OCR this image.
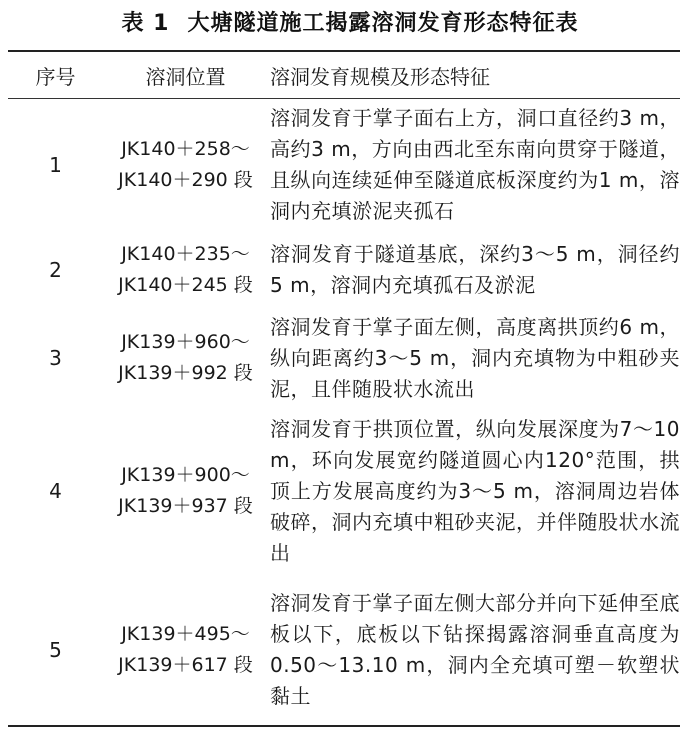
表 1 大塘隧道施工揭露溶洞发育形态特征表
序号	溶洞位置	溶洞发育规模及形态特征
1
JK140＋258～
JK140＋290 段
溶洞发育于掌子面右上方，洞口直径约3 m，高约3 m，方向由西北至东南向贯穿于隧道，且纵向连续延伸至隧道底板深度约为1 m，溶洞内充填淤泥夹孤石
2
JK140＋235～
JK140＋245 段
溶洞发育于隧道基底，深约3～5 m，洞径约5 m，溶洞内充填孤石及淤泥
3
JK139＋960～
JK139＋992 段
溶洞发育于掌子面左侧，高度离拱顶约6 m，纵向距离约3～5 m，洞内充填物为中粗砂夹泥，且伴随股状水流出
4
JK139＋900～
JK139＋937 段
溶洞发育于拱顶位置，纵向发展深度为7～10 m，环向发展宽约隧道圆心内120°范围，拱顶上方发展高度约为3～5 m，溶洞周边岩体破碎，洞内充填中粗砂夹泥，并伴随股状水流出
5
JK139＋495～
JK139＋617 段
溶洞发育于掌子面左侧大部分并向下延伸至底板以下，底板以下钻探揭露溶洞垂直高度为0.50～13.10 m，洞内全充填可塑－软塑状黏土
